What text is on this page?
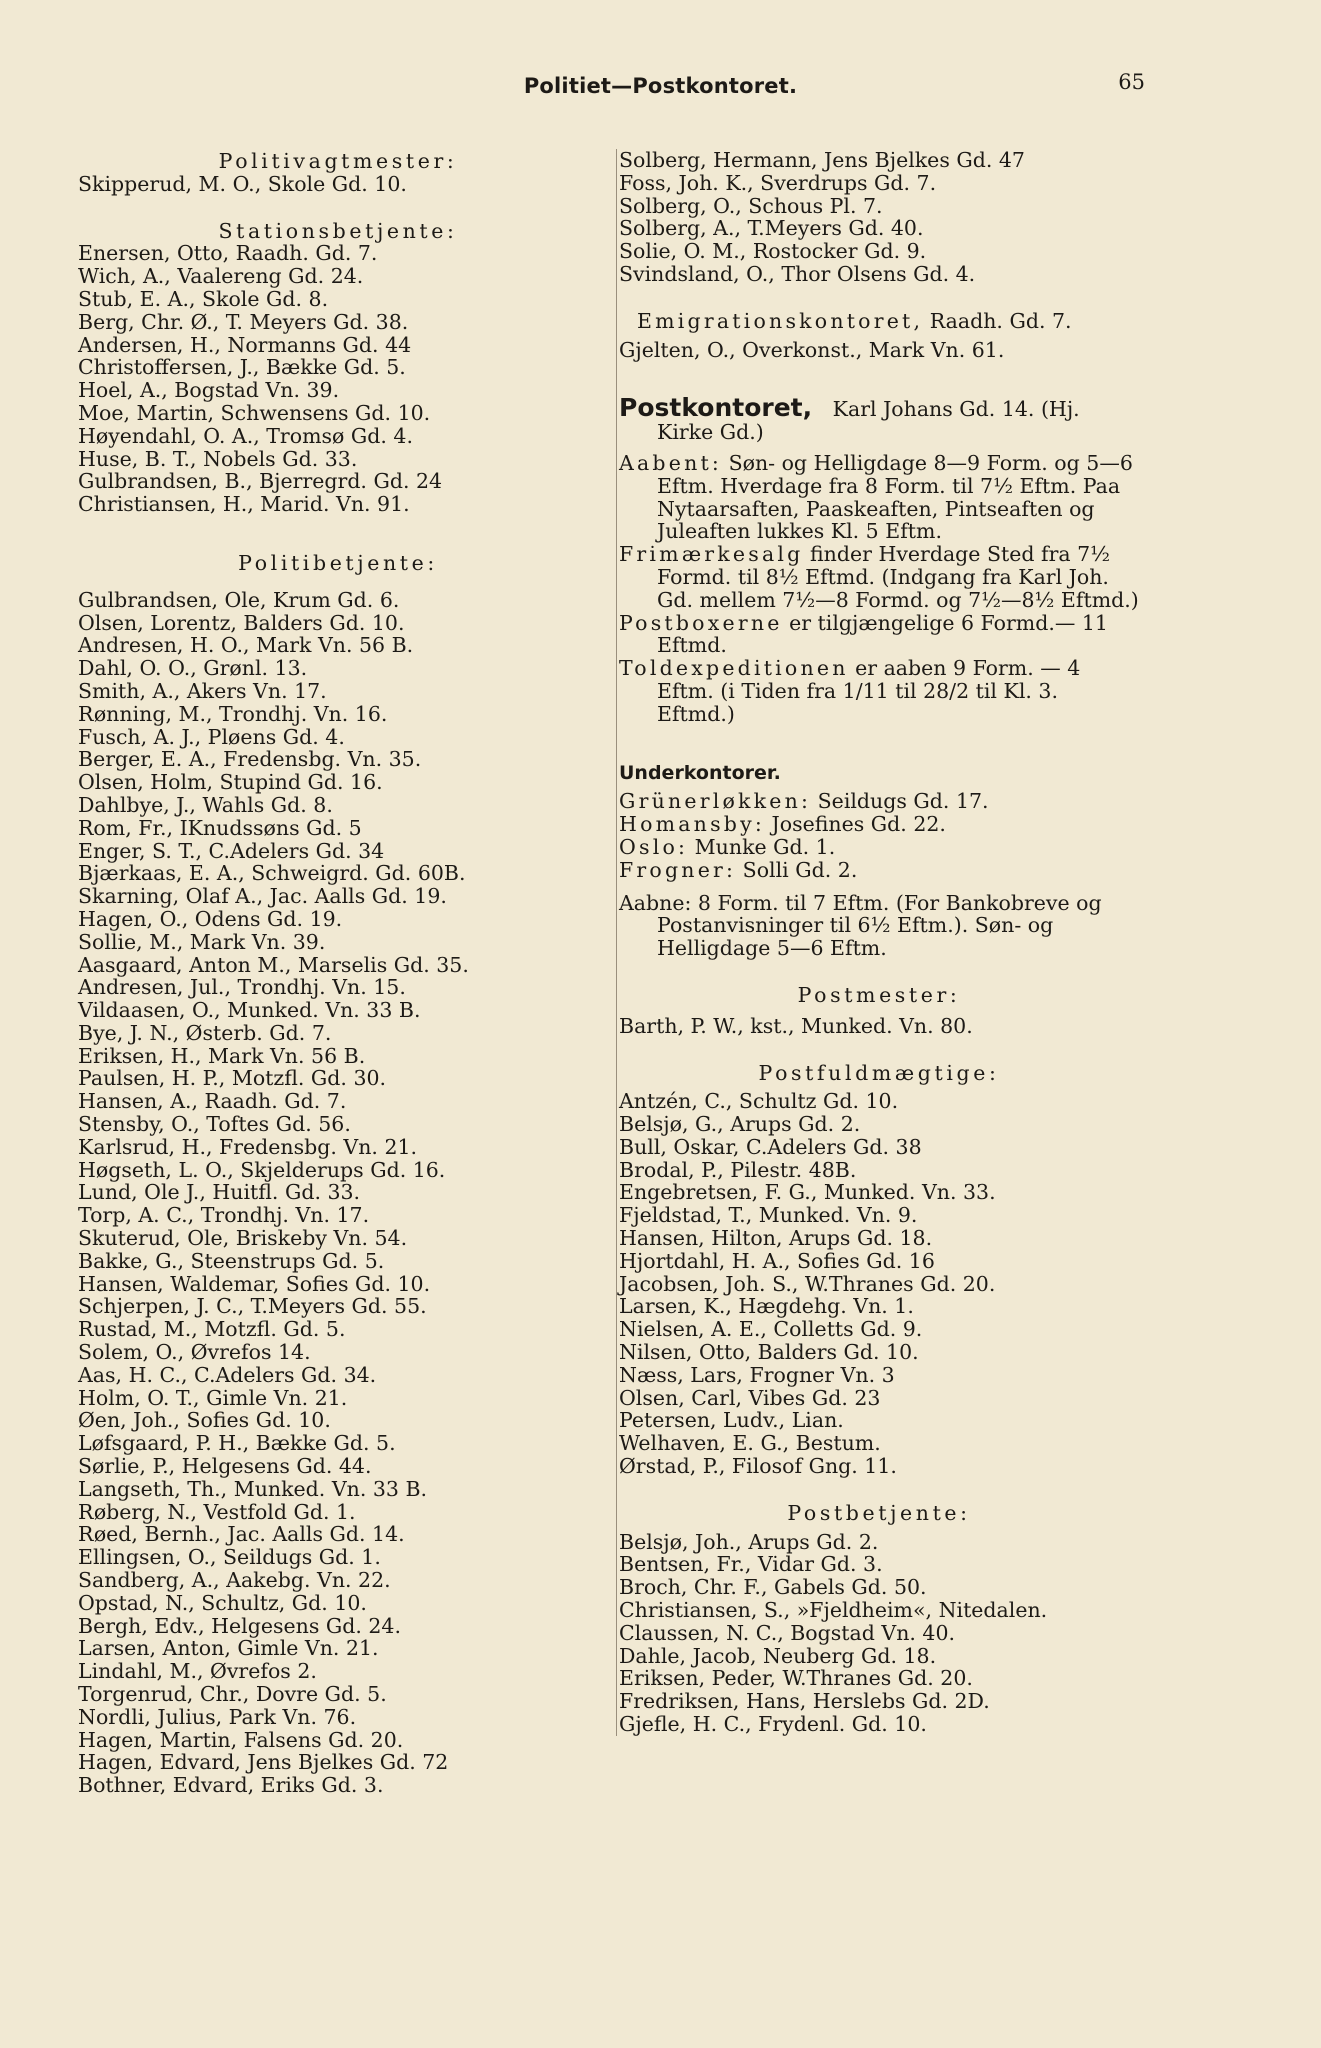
Politiet—Postkontoret.	65

Politivagtmester:

Skipperud, M. O., Skole Gd. 10.

Stationsbetjente:

Enersen, Otto, Raadh. Gd. 7.

Wich, A., Vaalereng Gd. 24.

Stub, E. A., Skole Gd. 8.

Berg, Chr. Ø., T. Meyers Gd. 38.

Andersen, H., Normanns Gd. 44

Christoffersen, J., Bække Gd. 5.

Hoel, A., Bogstad Vn. 39.

Moe, Martin, Schwensens Gd. 10.

Høyendahl, O. A., Tromsø Gd. 4.

Huse, B. T., Nobels Gd. 33.

Gulbrandsen, B., Bjerregrd. Gd. 24

Christiansen, H., Marid. Vn. 91.

Politibetjente:

Gulbrandsen, Ole, Krum Gd. 6.

Olsen, Lorentz, Balders Gd. 10.

Andresen, H. O., Mark Vn. 56 B.

Dahl, O. O., Grønl. 13.

Smith, A., Akers Vn. 17.

Rønning, M., Trondhj. Vn. 16.

Fusch, A. J., Pløens Gd. 4.

Berger, E. A., Fredensbg. Vn. 35.

Olsen, Holm, Stupind Gd. 16.

Dahlbye, J., Wahls Gd. 8.

Rom, Fr., IKnudssøns Gd. 5

Enger, S. T., C.Adelers Gd. 34

Bjærkaas, E. A., Schweigrd. Gd. 60B.

Skarning, Olaf A., Jac. Aalls Gd. 19.

Hagen, O., Odens Gd. 19.

Sollie, M., Mark Vn. 39.

Aasgaard, Anton M., Marselis Gd. 35.

Andresen, Jul., Trondhj. Vn. 15.

Vildaasen, O., Munked. Vn. 33 B.

Bye, J. N., Østerb. Gd. 7.

Eriksen, H., Mark Vn. 56 B.

Paulsen, H. P., Motzfl. Gd. 30.

Hansen, A., Raadh. Gd. 7.

Stensby, O., Toftes Gd. 56.

Karlsrud, H., Fredensbg. Vn. 21.

Høgseth, L. O., Skjelderups Gd. 16.

Lund, Ole J., Huitfl. Gd. 33.

Torp, A. C., Trondhj. Vn. 17.

Skuterud, Ole, Briskeby Vn. 54.

Bakke, G., Steenstrups Gd. 5.

Hansen, Waldemar, Sofies Gd. 10.

Schjerpen, J. C., T.Meyers Gd. 55.

Rustad, M., Motzfl. Gd. 5.

Solem, O., Øvrefos 14.

Aas, H. C., C.Adelers Gd. 34.

Holm, O. T., Gimle Vn. 21.

Øen, Joh., Sofies Gd. 10.

Løfsgaard, P. H., Bække Gd. 5.

Sørlie, P., Helgesens Gd. 44.

Langseth, Th., Munked. Vn. 33 B.

Røberg, N., Vestfold Gd. 1.

Røed, Bernh., Jac. Aalls Gd. 14.

Ellingsen, O., Seildugs Gd. 1.

Sandberg, A., Aakebg. Vn. 22.

Opstad, N., Schultz, Gd. 10.

Bergh, Edv., Helgesens Gd. 24.

Larsen, Anton, Gimle Vn. 21.

Lindahl, M., Øvrefos 2.

Torgenrud, Chr., Dovre Gd. 5.

Nordli, Julius, Park Vn. 76.

Hagen, Martin, Falsens Gd. 20.

Hagen, Edvard, Jens Bjelkes Gd. 72

Bothner, Edvard, Eriks Gd. 3.

Solberg, Hermann, Jens Bjelkes Gd. 47

Foss, Joh. K., Sverdrups Gd. 7.

Solberg, O., Schous Pl. 7.

Solberg, A., T.Meyers Gd. 40.

Solie, O. M., Rostocker Gd. 9.

Svindsland, O., Thor Olsens Gd. 4.

Emigrationskontoret, Raadh. Gd. 7.

Gjelten, O., Overkonst., Mark Vn. 61.

Postkontoret, Karl Johans Gd. 14. (Hj. Kirke Gd.)

Aabent: Søn- og Helligdage 8—9 Form. og 5—6 Eftm. Hverdage fra 8 Form. til 7½ Eftm. Paa Nytaarsaften, Paaskeaften, Pintseaften og Juleaften lukkes Kl. 5 Eftm.

Frimærkesalg finder Hverdage Sted fra 7½ Formd. til 8½ Eftmd. (Indgang fra Karl Joh. Gd. mellem 7½—8 Formd. og 7½—8½ Eftmd.)

Postboxerne er tilgjængelige 6 Formd.— 11 Eftmd.

Toldexpeditionen er aaben 9 Form. — 4 Eftm. (i Tiden fra 1/11 til 28/2 til Kl. 3. Eftmd.)

Underkontorer.

Grünerløkken: Seildugs Gd. 17.

Homansby: Josefines Gd. 22.

Oslo: Munke Gd. 1.

Frogner: Solli Gd. 2.

Aabne: 8 Form. til 7 Eftm. (For Bankobreve og Postanvisninger til 6½ Eftm.). Søn- og Helligdage 5—6 Eftm.

Postmester:

Barth, P. W., kst., Munked. Vn. 80.

Postfuldmægtige:

Antzén, C., Schultz Gd. 10.

Belsjø, G., Arups Gd. 2.

Bull, Oskar, C.Adelers Gd. 38

Brodal, P., Pilestr. 48B.

Engebretsen, F. G., Munked. Vn. 33.

Fjeldstad, T., Munked. Vn. 9.

Hansen, Hilton, Arups Gd. 18.

Hjortdahl, H. A., Sofies Gd. 16

Jacobsen, Joh. S., W.Thranes Gd. 20.

Larsen, K., Hægdehg. Vn. 1.

Nielsen, A. E., Colletts Gd. 9.

Nilsen, Otto, Balders Gd. 10.

Næss, Lars, Frogner Vn. 3

Olsen, Carl, Vibes Gd. 23

Petersen, Ludv., Lian.

Welhaven, E. G., Bestum.

Ørstad, P., Filosof Gng. 11.

Postbetjente:

Belsjø, Joh., Arups Gd. 2.

Bentsen, Fr., Vidar Gd. 3.

Broch, Chr. F., Gabels Gd. 50.

Christiansen, S., »Fjeldheim«, Nitedalen.

Claussen, N. C., Bogstad Vn. 40.

Dahle, Jacob, Neuberg Gd. 18.

Eriksen, Peder, W.Thranes Gd. 20.

Fredriksen, Hans, Herslebs Gd. 2D.

Gjefle, H. C., Frydenl. Gd. 10.
